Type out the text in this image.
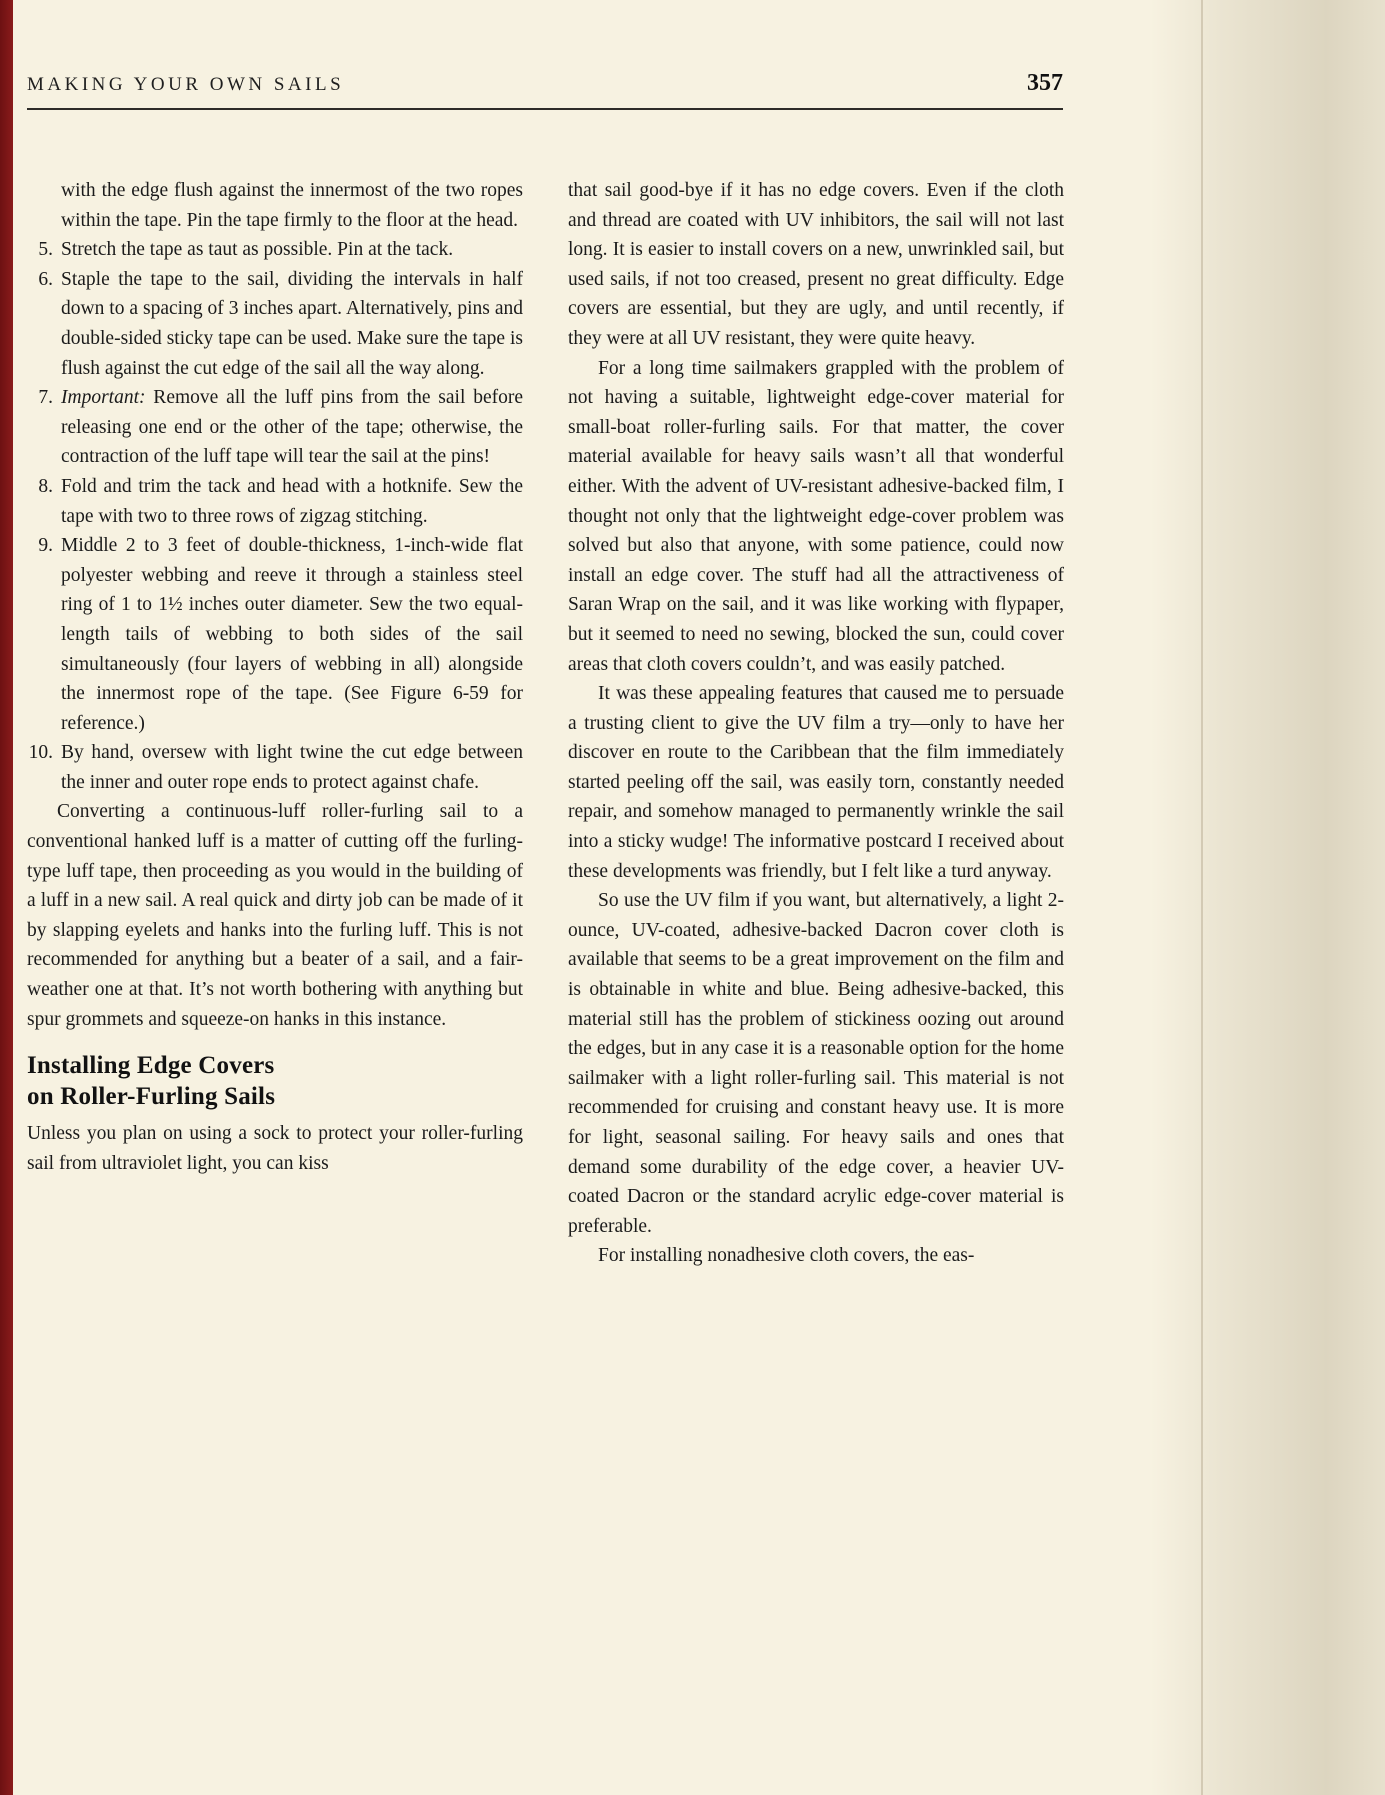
MAKING YOUR OWN SAILS	357
with the edge flush against the innermost of the two ropes within the tape. Pin the tape firmly to the floor at the head.
5. Stretch the tape as taut as possible. Pin at the tack.
6. Staple the tape to the sail, dividing the intervals in half down to a spacing of 3 inches apart. Alternatively, pins and double-sided sticky tape can be used. Make sure the tape is flush against the cut edge of the sail all the way along.
7. Important: Remove all the luff pins from the sail before releasing one end or the other of the tape; otherwise, the contraction of the luff tape will tear the sail at the pins!
8. Fold and trim the tack and head with a hotknife. Sew the tape with two to three rows of zigzag stitching.
9. Middle 2 to 3 feet of double-thickness, 1-inch-wide flat polyester webbing and reeve it through a stainless steel ring of 1 to 1½ inches outer diameter. Sew the two equal-length tails of webbing to both sides of the sail simultaneously (four layers of webbing in all) alongside the innermost rope of the tape. (See Figure 6-59 for reference.)
10. By hand, oversew with light twine the cut edge between the inner and outer rope ends to protect against chafe.

Converting a continuous-luff roller-furling sail to a conventional hanked luff is a matter of cutting off the furling-type luff tape, then proceeding as you would in the building of a luff in a new sail. A real quick and dirty job can be made of it by slapping eyelets and hanks into the furling luff. This is not recommended for anything but a beater of a sail, and a fair-weather one at that. It’s not worth bothering with anything but spur grommets and squeeze-on hanks in this instance.

Installing Edge Covers
on Roller-Furling Sails

Unless you plan on using a sock to protect your roller-furling sail from ultraviolet light, you can kiss

that sail good-bye if it has no edge covers. Even if the cloth and thread are coated with UV inhibitors, the sail will not last long. It is easier to install covers on a new, unwrinkled sail, but used sails, if not too creased, present no great difficulty. Edge covers are essential, but they are ugly, and until recently, if they were at all UV resistant, they were quite heavy.

For a long time sailmakers grappled with the problem of not having a suitable, lightweight edge-cover material for small-boat roller-furling sails. For that matter, the cover material available for heavy sails wasn’t all that wonderful either. With the advent of UV-resistant adhesive-backed film, I thought not only that the lightweight edge-cover problem was solved but also that anyone, with some patience, could now install an edge cover. The stuff had all the attractiveness of Saran Wrap on the sail, and it was like working with flypaper, but it seemed to need no sewing, blocked the sun, could cover areas that cloth covers couldn’t, and was easily patched.

It was these appealing features that caused me to persuade a trusting client to give the UV film a try—only to have her discover en route to the Caribbean that the film immediately started peeling off the sail, was easily torn, constantly needed repair, and somehow managed to permanently wrinkle the sail into a sticky wudge! The informative postcard I received about these developments was friendly, but I felt like a turd anyway.

So use the UV film if you want, but alternatively, a light 2-ounce, UV-coated, adhesive-backed Dacron cover cloth is available that seems to be a great improvement on the film and is obtainable in white and blue. Being adhesive-backed, this material still has the problem of stickiness oozing out around the edges, but in any case it is a reasonable option for the home sailmaker with a light roller-furling sail. This material is not recommended for cruising and constant heavy use. It is more for light, seasonal sailing. For heavy sails and ones that demand some durability of the edge cover, a heavier UV-coated Dacron or the standard acrylic edge-cover material is preferable.

For installing nonadhesive cloth covers, the eas-
